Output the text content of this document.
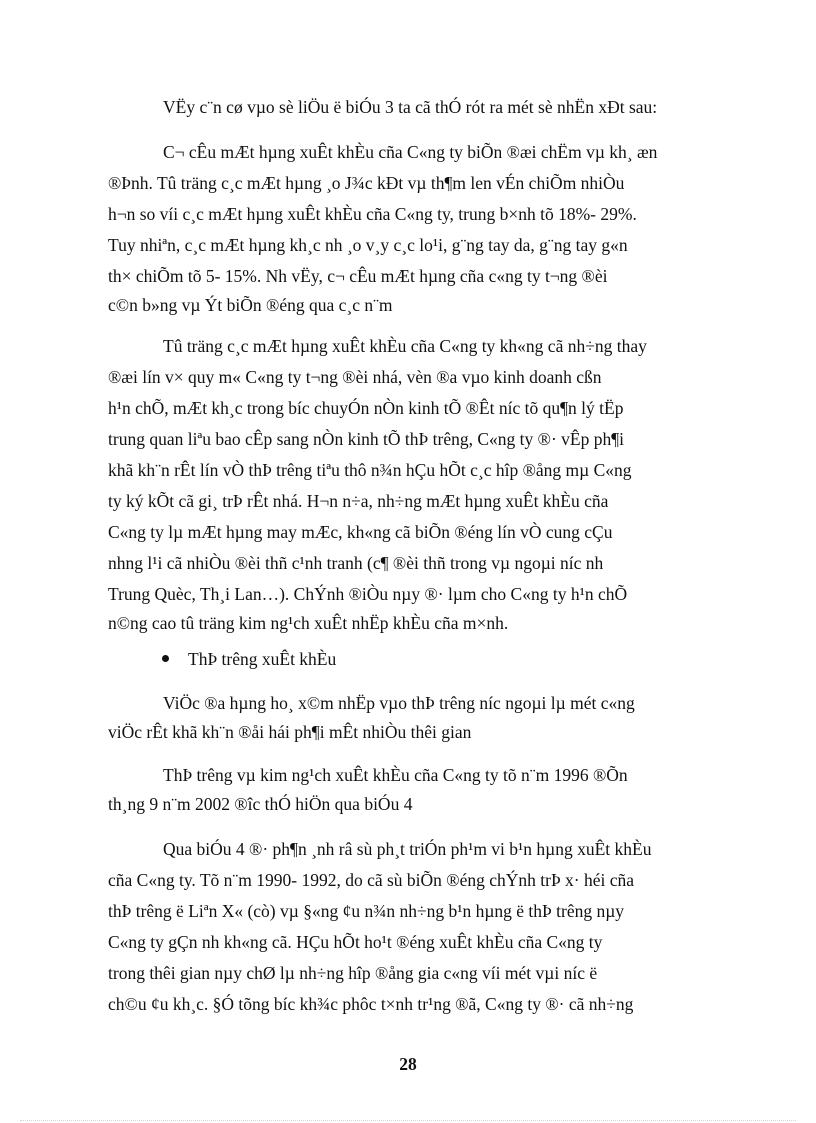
VËy c¨n cø vµo sè liÖu ë biÓu 3 ta cã thÓ rót ra mét sè nhËn xÐt sau:
C¬ cÊu mÆt hµng xuÊt khÈu cña C«ng ty biÕn ®æi chËm vµ kh¸ æn
®Þnh. Tû träng c¸c mÆt hµng ¸o J¾c kÐt vµ th¶m len vÉn chiÕm nhiÒu
h¬n so víi c¸c mÆt hµng xuÊt khÈu cña C«ng ty, trung b×nh tõ 18%- 29%.
Tuy nhiªn, c¸c mÆt hµng kh¸c nh ¸o v¸y c¸c lo¹i, g¨ng tay da, g¨ng tay g«n
th× chiÕm tõ 5- 15%. Nh vËy, c¬ cÊu mÆt hµng cña c«ng ty t¬ng ®èi
c©n b»ng vµ Ýt biÕn ®éng qua c¸c n¨m
Tû träng c¸c mÆt hµng xuÊt khÈu cña C«ng ty kh«ng cã nh÷ng thay
®æi lín v× quy m« C«ng ty t¬ng ®èi nhá, vèn ®a vµo kinh doanh cßn
h¹n chÕ, mÆt kh¸c trong bíc chuyÓn nÒn kinh tÕ ®Êt níc tõ qu¶n lý tËp
trung quan liªu bao cÊp sang nÒn kinh tÕ thÞ trêng, C«ng ty ®· vÊp ph¶i
khã kh¨n rÊt lín vÒ thÞ trêng tiªu thô n¾n hÇu hÕt c¸c hîp ®ång mµ C«ng
ty ký kÕt cã gi¸ trÞ rÊt nhá. H¬n n÷a, nh÷ng mÆt hµng xuÊt khÈu cña
C«ng ty lµ mÆt hµng may mÆc, kh«ng cã biÕn ®éng lín vÒ cung cÇu
nhng l¹i cã nhiÒu ®èi thñ c¹nh tranh (c¶ ®èi thñ trong vµ ngoµi níc nh
Trung Quèc, Th¸i Lan…). ChÝnh ®iÒu nµy ®· lµm cho C«ng ty h¹n chÕ
n©ng cao tû träng kim ng¹ch xuÊt nhËp khÈu cña m×nh.
ThÞ trêng xuÊt khÈu
ViÖc ®a hµng ho¸ x©m nhËp vµo thÞ trêng níc ngoµi lµ mét c«ng
viÖc rÊt khã kh¨n ®åi hái ph¶i mÊt nhiÒu thêi gian
ThÞ trêng vµ kim ng¹ch xuÊt khÈu cña C«ng ty tõ n¨m 1996 ®Õn
th¸ng 9 n¨m 2002 ®îc thÓ hiÖn qua biÓu 4
Qua biÓu 4 ®· ph¶n ¸nh râ sù ph¸t triÓn ph¹m vi b¹n hµng xuÊt khÈu
cña C«ng ty. Tõ n¨m 1990- 1992, do cã sù biÕn ®éng chÝnh trÞ x· héi cña
thÞ trêng ë Liªn X« (cò) vµ §«ng ¢u n¾n nh÷ng b¹n hµng ë thÞ trêng nµy
C«ng ty gÇn nh kh«ng cã. HÇu hÕt ho¹t ®éng xuÊt khÈu cña C«ng ty
trong thêi gian nµy chØ lµ nh÷ng hîp ®ång gia c«ng víi mét vµi níc ë
ch©u ¢u kh¸c. §Ó tõng bíc kh¾c phôc t×nh tr¹ng ®ã, C«ng ty ®· cã nh÷ng
28
